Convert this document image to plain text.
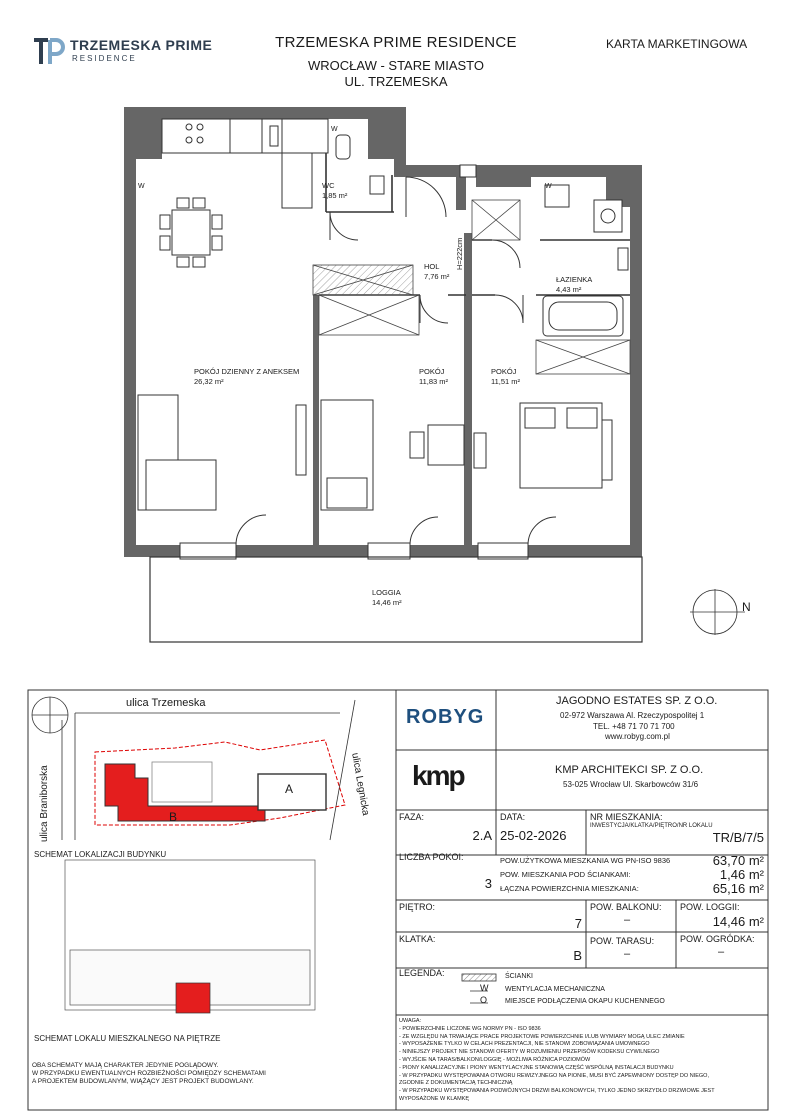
TRZEMESKA PRIME
RESIDENCE
TRZEMESKA PRIME RESIDENCE
WROCŁAW - STARE MIASTO
UL. TRZEMESKA
KARTA MARKETINGOWA
W
W
W
WC
1,85 m²
HOL
7,76 m²
H=222cm
ŁAZIENKA
4,43 m²
POKÓJ DZIENNY Z ANEKSEM
26,32 m²
POKÓJ
11,83 m²
POKÓJ
11,51 m²
LOGGIA
14,46 m²	N
ulica Trzemeska
ulica Braniborska	ulica Legnicka
B
A
SCHEMAT LOKALIZACJI BUDYNKU
SCHEMAT LOKALU MIESZKALNEGO NA PIĘTRZE
OBA SCHEMATY MAJĄ CHARAKTER JEDYNIE POGLĄDOWY.
W PRZYPADKU EWENTUALNYCH ROZBIEŻNOŚCI POMIĘDZY SCHEMATAMI
A PROJEKTEM BUDOWLANYM, WIĄŻĄCY JEST PROJEKT BUDOWLANY.
ROBYG
JAGODNO ESTATES SP. Z O.O.
02-972 Warszawa Al. Rzeczypospolitej 1
TEL. +48 71 70 71 700
www.robyg.com.pl
kmp	KMP ARCHITEKCI SP. Z O.O.
53-025 Wrocław Ul. Skarbowców 31/6
FAZA:
2.A
DATA:
25-02-2026
NR MIESZKANIA:
INWESTYCJA/KLATKA/PIĘTRO/NR LOKALU
TR/B/7/5
LICZBA POKOI:
3
POW.UŻYTKOWA MIESZKANIA WG PN-ISO 9836	63,70 m²
POW. MIESZKANIA POD ŚCIANKAMI:	1,46 m²
ŁĄCZNA POWIERZCHNIA MIESZKANIA:	65,16 m²
PIĘTRO:
7
POW. BALKONU:
–
POW. LOGGII:
14,46 m²
KLATKA:
B
POW. TARASU:
–
POW. OGRÓDKA:
–
LEGENDA:	ŚCIANKI
W WENTYLACJA MECHANICZNA
O	MIEJSCE PODŁĄCZENIA OKAPU KUCHENNEGO
UWAGA:
- POWIERZCHNIE LICZONE WG NORMY PN - ISO 9836
- ZE WZGLĘDU NA TRWAJĄCE PRACE PROJEKTOWE POWIERZCHNIE I/LUB WYMIARY MOGĄ ULEC ZMIANIE
- WYPOSAŻENIE TYLKO W CELACH PREZENTACJI, NIE STANOWI ZOBOWIĄZANIA UMOWNEGO
- NINIEJSZY PROJEKT NIE STANOWI OFERTY W ROZUMIENIU PRZEPISÓW KODEKSU CYWILNEGO
- WYJŚCIE NA TARAS/BALKON/LOGGIĘ - MOŻLIWA RÓŻNICA POZIOMÓW
- PIONY KANALIZACYJNE I PIONY WENTYLACYJNE STANOWIĄ CZĘŚĆ WSPÓLNĄ INSTALACJI BUDYNKU
- W PRZYPADKU WYSTĘPOWANIA OTWORU REWIZYJNEGO NA PIONIE, MUSI BYĆ ZAPEWNIONY DOSTĘP DO NIEGO,
ZGODNIE Z DOKUMENTACJĄ TECHNICZNĄ
- W PRZYPADKU WYSTĘPOWANIA PODWÓJNYCH DRZWI BALKONOWYCH, TYLKO JEDNO SKRZYDŁO DRZWIOWE JEST
WYPOSAŻONE W KLAMKĘ
